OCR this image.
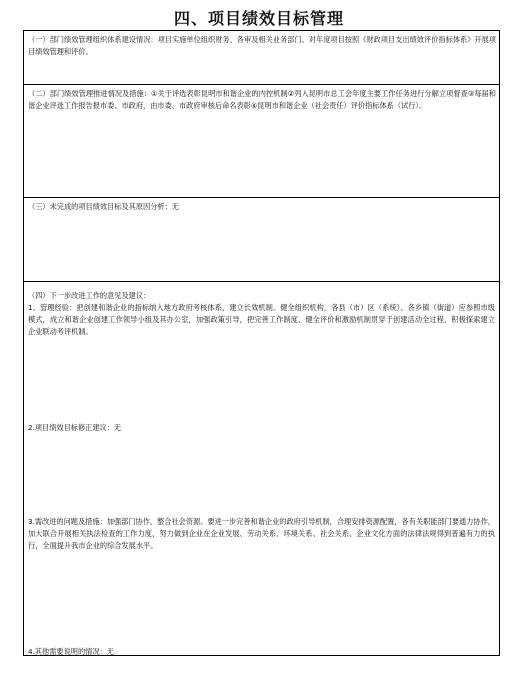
四、项目绩效目标管理
（一）部门绩效管理组织体系建设情况：项目实施单位组织财务、各审及相关业务部门、对年度项目按照《财政项目支出绩效评价指标体系》开展项目绩效管理和评价。
（二）部门绩效管理推进情况及措施：①关于评选表彰昆明市和谐企业的内控机制②列入昆明市总工会年度主要工作任务进行分解立项督查③每届和谐企业评选工作报告报市委、市政府，由市委、市政府审核后命名表彰④昆明市和谐企业（社会责任）评价指标体系（试行）。
（三）未完成的项目绩效目标及其原因分析：无
（四）下一步改进工作的意见及建议：
1、管理经验：把创建和谐企业的指标纳入地方政府考核体系，建立长效机制。健全组织机构，各县（市）区（系统）、各乡镇（街道）应参照市级模式，成立和谐企业创建工作领导小组及其办公室，加强政策引导，把完善工作制度、健全评价和激励机制贯穿于创建活动全过程，积极探索建立企业联动考评机制。
2.项目绩效目标修正建议：无
3.需改进的问题及措施：加强部门协作，整合社会资源。要进一步完善和谐企业的政府引导机制，合理安排资源配置，各有关职能部门要通力协作，加大联合开展相关执法检查的工作力度，努力做到企业在企业发展、劳动关系、环境关系、社会关系、企业文化方面的法律法规得到普遍有力的执行，全面提升我市企业的综合发展水平。
4.其他需要说明的情况：无
